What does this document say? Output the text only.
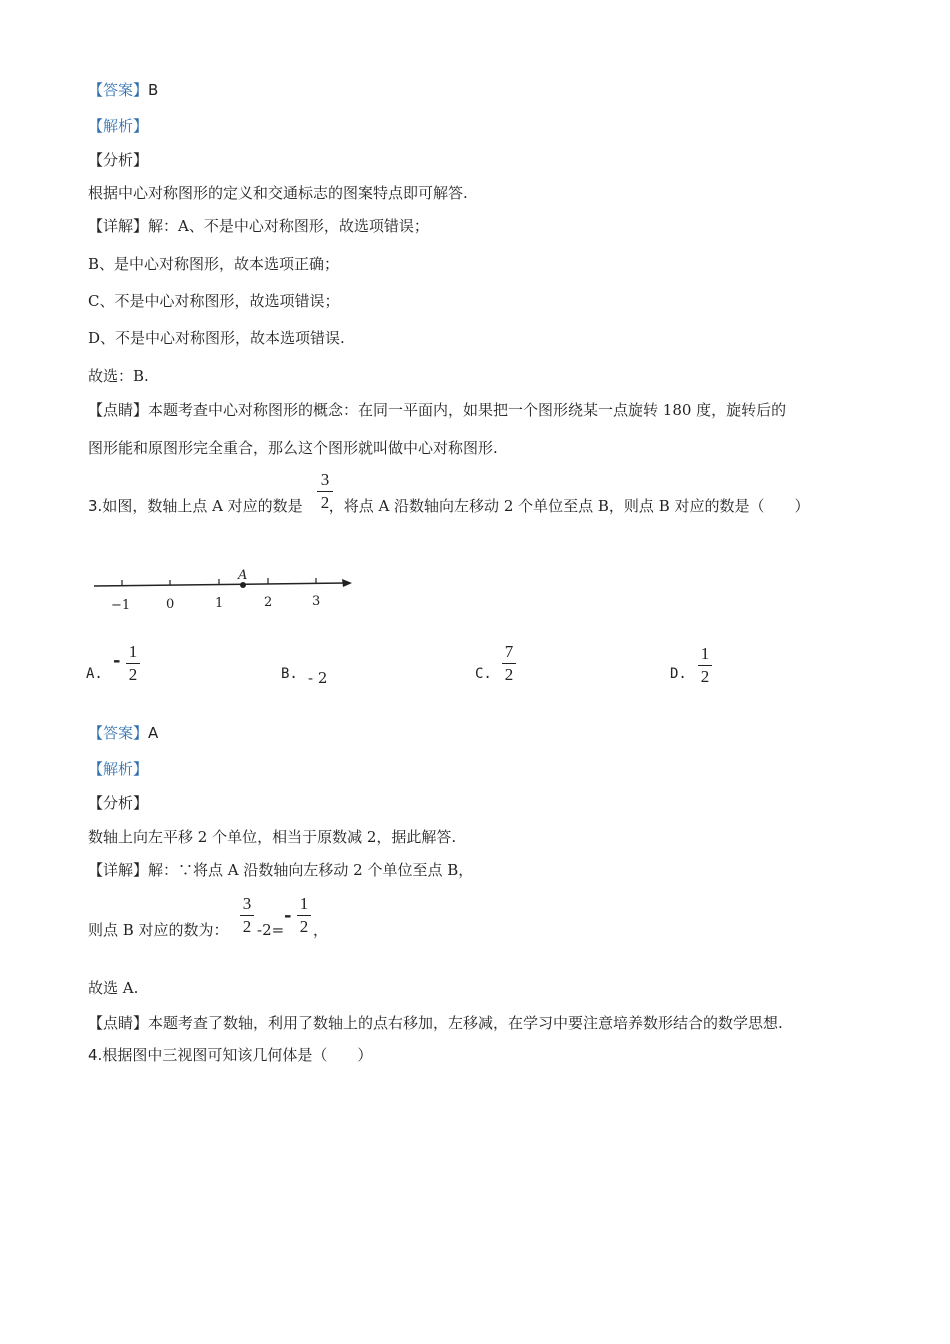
【答案】B
【解析】
【分析】
根据中心对称图形的定义和交通标志的图案特点即可解答.
【详解】解：A、不是中心对称图形，故选项错误；
B、是中心对称图形，故本选项正确；
C、不是中心对称图形，故选项错误；
D、不是中心对称图形，故本选项错误.
故选：B.
【点睛】本题考查中心对称图形的概念：在同一平面内，如果把一个图形绕某一点旋转 180 度，旋转后的
图形能和原图形完全重合，那么这个图形就叫做中心对称图形.
3.如图，数轴上点 A 对应的数是 ，将点 A 沿数轴向左移动 2 个单位至点 B，则点 B 对应的数是（　　）
3
2
−1	0	1	2	3
A
A.
- 1
2	B. - 2	C.
7
2	D.
1
2
【答案】A
【解析】
【分析】
数轴上向左平移 2 个单位，相当于原数减 2，据此解答.
【详解】解：∵将点 A 沿数轴向左移动 2 个单位至点 B，
则点 B 对应的数为：
3
2 -2=
-
1
2 ，
故选 A.
【点睛】本题考查了数轴，利用了数轴上的点右移加，左移减，在学习中要注意培养数形结合的数学思想.
4.根据图中三视图可知该几何体是（　　）
